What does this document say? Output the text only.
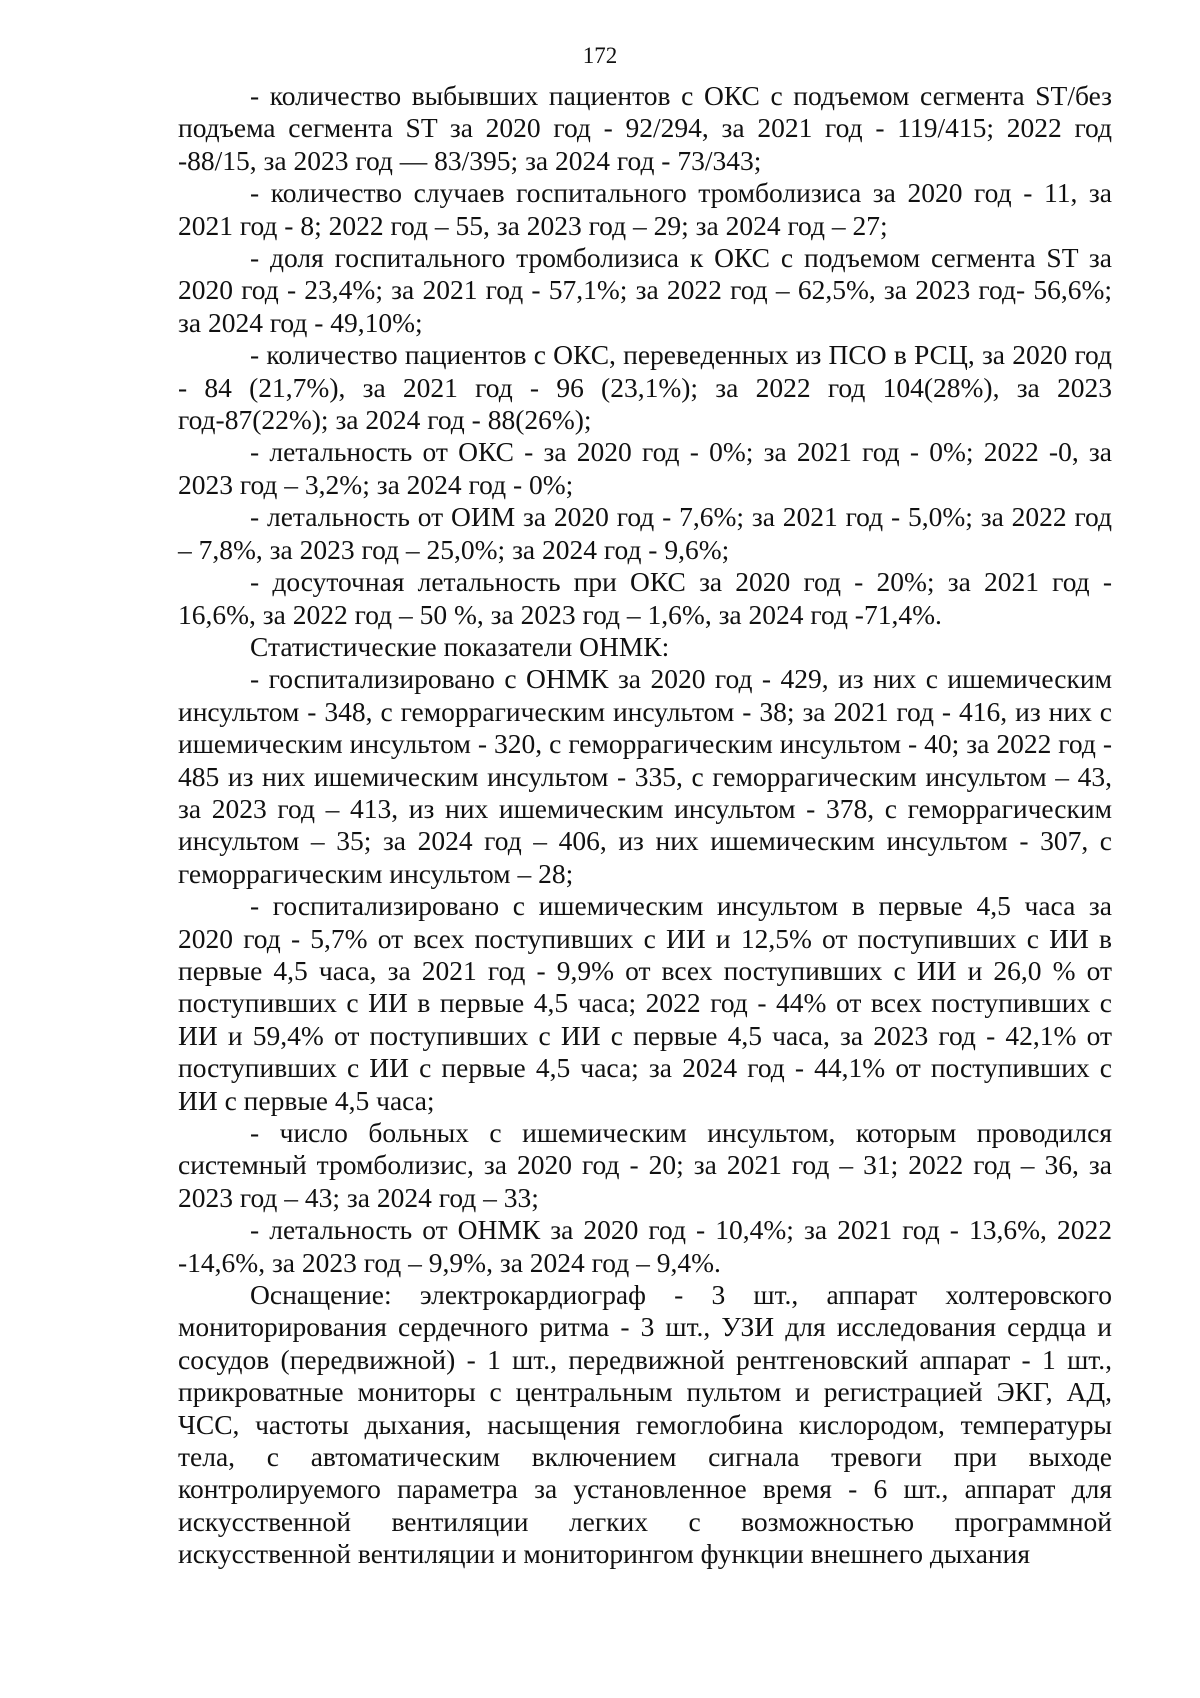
172

- количество выбывших пациентов с ОКС с подъемом сегмента ST/без подъема сегмента ST за 2020 год - 92/294, за 2021 год - 119/415; 2022 год -88/15, за 2023 год — 83/395; за 2024 год - 73/343;

- количество случаев госпитального тромболизиса за 2020 год - 11, за 2021 год - 8; 2022 год – 55, за 2023 год – 29; за 2024 год – 27;

- доля госпитального тромболизиса к ОКС с подъемом сегмента ST за 2020 год - 23,4%; за 2021 год - 57,1%; за 2022 год – 62,5%, за 2023 год- 56,6%; за 2024 год - 49,10%;

- количество пациентов с ОКС, переведенных из ПСО в РСЦ, за 2020 год - 84 (21,7%), за 2021 год - 96 (23,1%); за 2022 год 104(28%), за 2023 год-87(22%); за 2024 год - 88(26%);

- летальность от ОКС - за 2020 год - 0%; за 2021 год - 0%; 2022 -0, за 2023 год – 3,2%; за 2024 год - 0%;

- летальность от ОИМ за 2020 год - 7,6%; за 2021 год - 5,0%; за 2022 год – 7,8%, за 2023 год – 25,0%; за 2024 год - 9,6%;

- досуточная летальность при ОКС за 2020 год - 20%; за 2021 год - 16,6%, за 2022 год – 50 %, за 2023 год – 1,6%, за 2024 год -71,4%.

Статистические показатели ОНМК:

- госпитализировано с ОНМК за 2020 год - 429, из них с ишемическим инсультом - 348, с геморрагическим инсультом - 38; за 2021 год - 416, из них с ишемическим инсультом - 320, с геморрагическим инсультом - 40; за 2022 год - 485 из них ишемическим инсультом - 335, с геморрагическим инсультом – 43, за 2023 год – 413, из них ишемическим инсультом - 378, с геморрагическим инсультом – 35; за 2024 год – 406, из них ишемическим инсультом - 307, с геморрагическим инсультом – 28;

- госпитализировано с ишемическим инсультом в первые 4,5 часа за 2020 год - 5,7% от всех поступивших с ИИ и 12,5% от поступивших с ИИ в первые 4,5 часа, за 2021 год - 9,9% от всех поступивших с ИИ и 26,0 % от поступивших с ИИ в первые 4,5 часа; 2022 год - 44% от всех поступивших с ИИ и 59,4% от поступивших с ИИ с первые 4,5 часа, за 2023 год - 42,1% от поступивших с ИИ с первые 4,5 часа; за 2024 год - 44,1% от поступивших с ИИ с первые 4,5 часа;

- число больных с ишемическим инсультом, которым проводился системный тромболизис, за 2020 год - 20; за 2021 год – 31; 2022 год – 36, за 2023 год – 43; за 2024 год – 33;

- летальность от ОНМК за 2020 год - 10,4%; за 2021 год - 13,6%, 2022 -14,6%, за 2023 год – 9,9%, за 2024 год – 9,4%.

Оснащение: электрокардиограф - 3 шт., аппарат холтеровского мониторирования сердечного ритма - 3 шт., УЗИ для исследования сердца и сосудов (передвижной) - 1 шт., передвижной рентгеновский аппарат - 1 шт., прикроватные мониторы с центральным пультом и регистрацией ЭКГ, АД, ЧСС, частоты дыхания, насыщения гемоглобина кислородом, температуры тела, с автоматическим включением сигнала тревоги при выходе контролируемого параметра за установленное время - 6 шт., аппарат для искусственной вентиляции легких с возможностью программной искусственной вентиляции и мониторингом функции внешнего дыхания
